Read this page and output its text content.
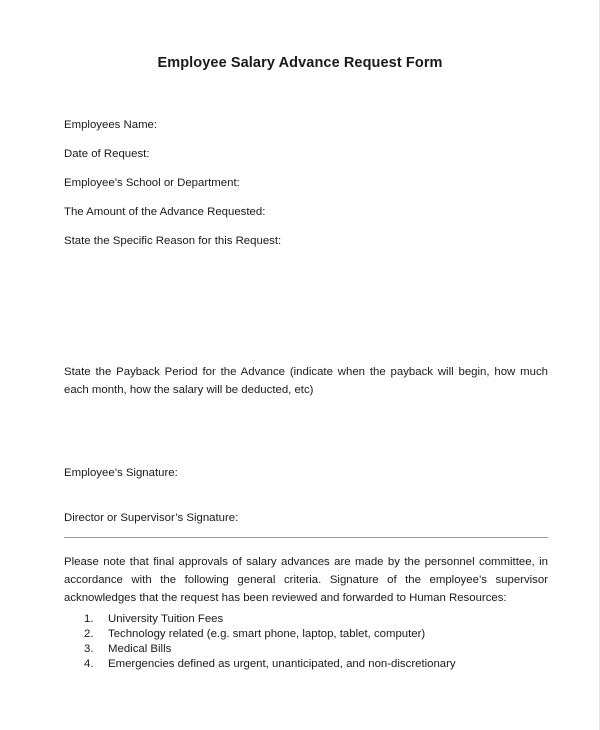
Employee Salary Advance Request Form
Employees Name:
Date of Request:
Employee’s School or Department:
The Amount of the Advance Requested:
State the Specific Reason for this Request:
State the Payback Period for the Advance (indicate when the payback will begin, how much each month, how the salary will be deducted, etc)
Employee’s Signature:
Director or Supervisor’s Signature:
Please note that final approvals of salary advances are made by the personnel committee, in accordance with the following general criteria. Signature of the employee’s supervisor acknowledges that the request has been reviewed and forwarded to Human Resources:
1. University Tuition Fees
2. Technology related (e.g. smart phone, laptop, tablet, computer)
3. Medical Bills
4. Emergencies defined as urgent, unanticipated, and non-discretionary
